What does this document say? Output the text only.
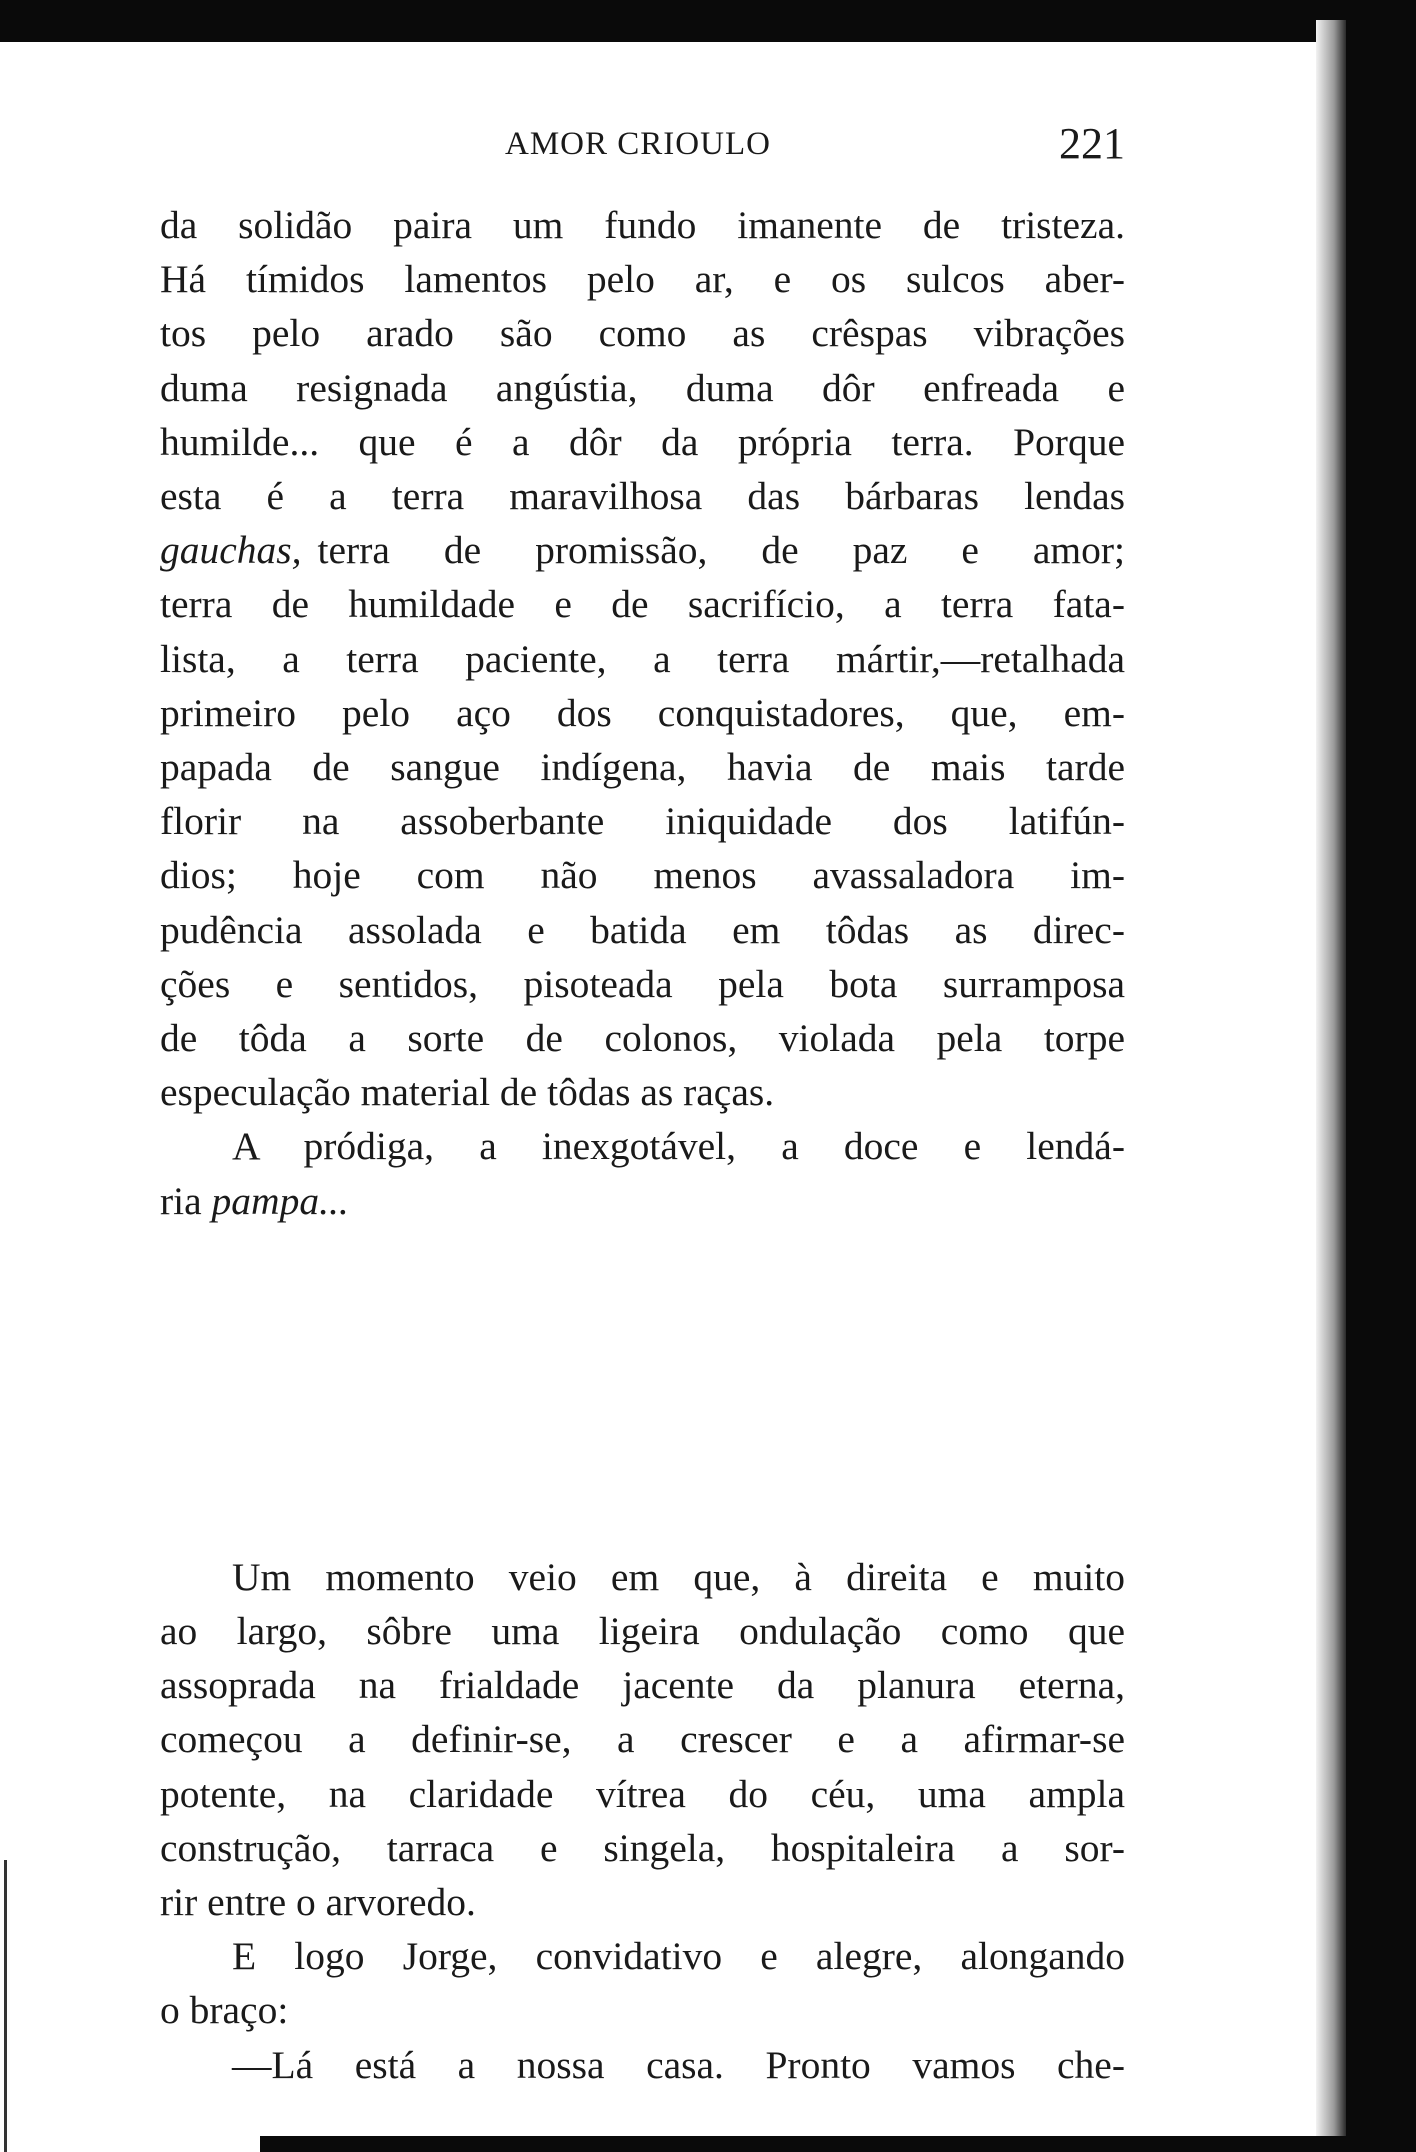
AMOR CRIOULO	221
da solidão paira um fundo imanente de tristeza.
Há tímidos lamentos pelo ar, e os sulcos aber-
tos pelo arado são como as crêspas vibrações
duma resignada angústia, duma dôr enfreada e
humilde... que é a dôr da própria terra. Porque
esta é a terra maravilhosa das bárbaras lendas
gauchas, terra de promissão, de paz e amor;
terra de humildade e de sacrifício, a terra fata-
lista, a terra paciente, a terra mártir,—retalhada
primeiro pelo aço dos conquistadores, que, em-
papada de sangue indígena, havia de mais tarde
florir na assoberbante iniquidade dos latifún-
dios; hoje com não menos avassaladora im-
pudência assolada e batida em tôdas as direc-
ções e sentidos, pisoteada pela bota surramposa
de tôda a sorte de colonos, violada pela torpe
especulação material de tôdas as raças.
A pródiga, a inexgotável, a doce e lendá-
ria pampa...
Um momento veio em que, à direita e muito
ao largo, sôbre uma ligeira ondulação como que
assoprada na frialdade jacente da planura eterna,
começou a definir-se, a crescer e a afirmar-se
potente, na claridade vítrea do céu, uma ampla
construção, tarraca e singela, hospitaleira a sor-
rir entre o arvoredo.
E logo Jorge, convidativo e alegre, alongando
o braço:
—Lá está a nossa casa. Pronto vamos che-
